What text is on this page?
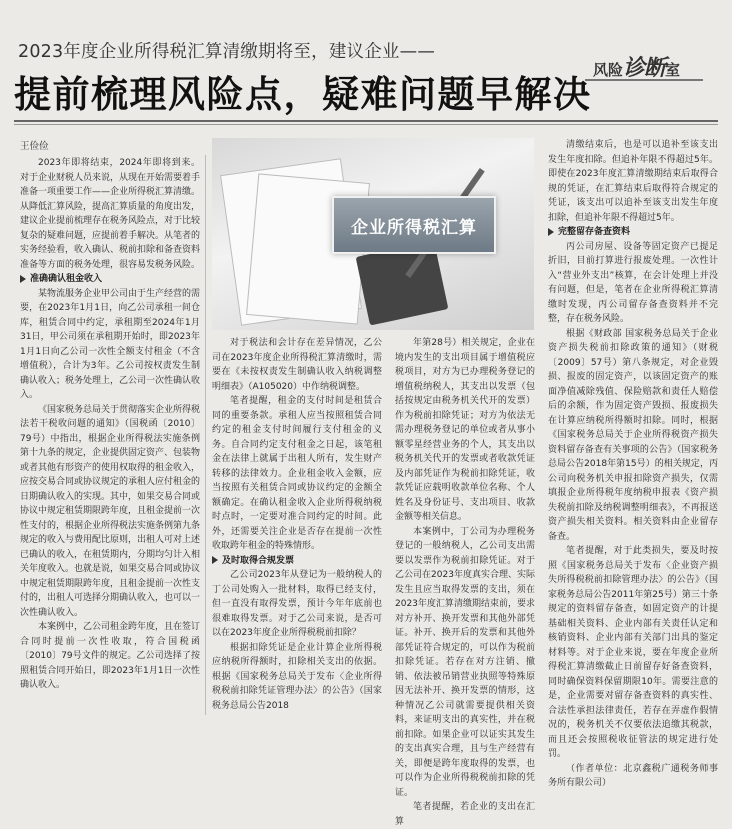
2023年度企业所得税汇算清缴期将至，建议企业——
提前梳理风险点，疑难问题早解决
风险诊断室
王俭俭

2023年即将结束，2024年即将到来。对于企业财税人员来说，从现在开始需要着手准备一项重要工作——企业所得税汇算清缴。从降低汇算风险，提高汇算质量的角度出发，建议企业提前梳理存在税务风险点，对于比较复杂的疑难问题，应提前着手解决。从笔者的实务经验看，收入确认、税前扣除和备查资料准备等方面的税务处理，很容易发税务风险。

准确确认租金收入

某物流服务企业甲公司由于生产经营的需要，在2023年1月1日，向乙公司承租一间仓库，租赁合同中约定，承租期至2024年1月31日，甲公司须在承租期开始时，即2023年1月1日向乙公司一次性全额支付租金（不含增值税），合计为3年。乙公司按权责发生制确认收入；税务处理上，乙公司一次性确认收入。

《国家税务总局关于贯彻落实企业所得税法若干税收问题的通知》（国税函〔2010〕79号）中指出，根据企业所得税法实施条例第十九条的规定，企业提供固定资产、包装物或者其他有形资产的使用权取得的租金收入，应按交易合同或协议规定的承租人应付租金的日期确认收入的实现。其中，如果交易合同或协议中规定租赁期限跨年度，且租金提前一次性支付的，根据企业所得税法实施条例第九条规定的收入与费用配比原则，出租人可对上述已确认的收入，在租赁期内，分期均匀计入相关年度收入。也就是说，如果交易合同或协议中规定租赁期限跨年度，且租金提前一次性支付的，出租人可选择分期确认收入，也可以一次性确认收入。

本案例中，乙公司租金跨年度，且在签订合同时提前一次性收取，符合国税函〔2010〕79号文件的规定。乙公司选择了按照租赁合同开始日，即2023年1月1日一次性确认收入。

企业所得税汇算

对于税法和会计存在差异情况，乙公司在2023年度企业所得税汇算清缴时，需要在《未按权责发生制确认收入纳税调整明细表》（A105020）中作纳税调整。

笔者提醒，租金的支付时间是租赁合同的重要条款。承租人应当按照租赁合同约定的租金支付时间履行支付租金的义务。自合同约定支付租金之日起，该笔租金在法律上就属于出租人所有，发生财产转移的法律效力。企业租金收入金额，应当按照有关租赁合同或协议约定的金额全额确定。在确认租金收入企业所得税纳税时点时，一定要对准合同约定的时间。此外，还需要关注企业是否存在提前一次性收取跨年租金的特殊情形。

及时取得合规发票

乙公司2023年从登记为一般纳税人的丁公司处购入一批材料，取得已经支付，但一直没有取得发票，预计今年年底前也很难取得发票。对于乙公司来说，是否可以在2023年度企业所得税税前扣除？

根据扣除凭证是企业计算企业所得税应纳税所得额时，扣除相关支出的依据。根据《国家税务总局关于发布〈企业所得税税前扣除凭证管理办法〉的公告》（国家税务总局公告2018

年第28号）相关规定，企业在境内发生的支出项目属于增值税应税项目，对方为已办理税务登记的增值税纳税人，其支出以发票（包括按规定由税务机关代开的发票）作为税前扣除凭证；对方为依法无需办理税务登记的单位或者从事小额零星经营业务的个人，其支出以税务机关代开的发票或者收款凭证及内部凭证作为税前扣除凭证，收款凭证应载明收款单位名称、个人姓名及身份证号、支出项目、收款金额等相关信息。

本案例中，丁公司为办理税务登记的一般纳税人，乙公司支出需要以发票作为税前扣除凭证。对于乙公司在2023年度真实合理、实际发生且应当取得发票的支出，须在2023年度汇算清缴期结束前，要求对方补开、换开发票和其他外部凭证。补开、换开后的发票和其他外部凭证符合规定的，可以作为税前扣除凭证。若存在对方注销、撤销、依法被吊销营业执照等特殊原因无法补开、换开发票的情形，这种情况乙公司就需要提供相关资料，来证明支出的真实性，并在税前扣除。如果企业可以证实其发生的支出真实合理，且与生产经营有关，即便是跨年度取得的发票，也可以作为企业所得税税前扣除的凭证。

笔者提醒，若企业的支出在汇算

清缴结束后，也是可以追补至该支出发生年度扣除。但追补年限不得超过5年。即使在2023年度汇算清缴期结束后取得合规的凭证，在汇算结束后取得符合规定的凭证，该支出可以追补至该支出发生年度扣除，但追补年限不得超过5年。

完整留存备查资料

丙公司房屋、设备等固定资产已提足折旧，目前打算进行报废处理。一次性计入“营业外支出”核算，在会计处理上并没有问题，但是，笔者在企业所得税汇算清缴时发现，丙公司留存备查资料并不完整，存在税务风险。

根据《财政部 国家税务总局关于企业资产损失税前扣除政策的通知》（财税〔2009〕57号）第八条规定，对企业毁损、报废的固定资产，以该固定资产的账面净值减除残值、保险赔款和责任人赔偿后的余额，作为固定资产毁损、报废损失在计算应纳税所得额时扣除。同时，根据《国家税务总局关于企业所得税资产损失资料留存备查有关事项的公告》（国家税务总局公告2018年第15号）的相关规定，丙公司向税务机关申报扣除资产损失，仅需填报企业所得税年度纳税申报表《资产损失税前扣除及纳税调整明细表》，不再报送资产损失相关资料。相关资料由企业留存备查。

笔者提醒，对于此类损失，要及时按照《国家税务总局关于发布〈企业资产损失所得税税前扣除管理办法〉的公告》（国家税务总局公告2011年第25号）第三十条规定的资料留存备查，如固定资产的计提基础相关资料、企业内部有关责任认定和核销资料、企业内部有关部门出具的鉴定材料等。对于企业来说，要在年度企业所得税汇算清缴截止日前留存好备查资料，同时确保资料保留期限10年。需要注意的是，企业需要对留存备查资料的真实性、合法性承担法律责任，若存在弄虚作假情况的，税务机关不仅要依法追缴其税款，而且还会按照税收征管法的规定进行处罚。

（作者单位：北京鑫税广通税务师事务所有限公司）
